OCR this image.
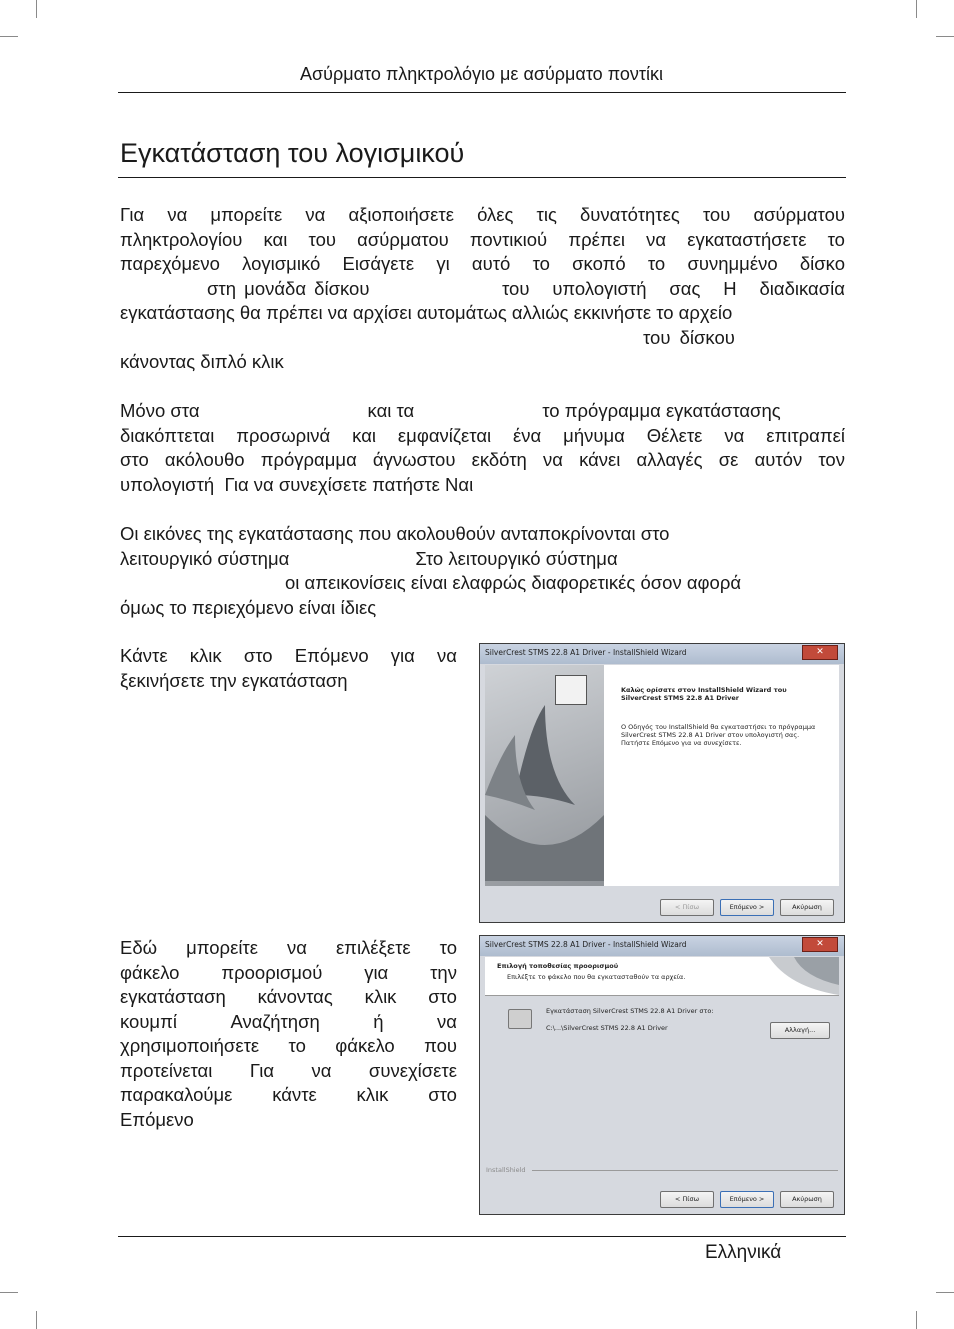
Ασύρματο πληκτρολόγιο με ασύρματο ποντίκι
Εγκατάσταση του λογισμικού
Για να μπορείτε να αξιοποιήσετε όλες τις δυνατότητες του ασύρματου
πληκτρολογίου και του ασύρματου ποντικιού πρέπει να εγκαταστήσετε το
παρεχόμενο λογισμικό Εισάγετε γι αυτό το σκοπό το συνημμένο δίσκο
στη μονάδα δίσκου	του υπολογιστή σας Η διαδικασία
εγκατάστασης θα πρέπει να αρχίσει αυτομάτως αλλιώς εκκινήστε το αρχείο
του δίσκου
κάνοντας διπλό κλικ
Μόνο στα	και τα	το πρόγραμμα εγκατάστασης
διακόπτεται προσωρινά και εμφανίζεται ένα μήνυμα Θέλετε να επιτραπεί
στο ακόλουθο πρόγραμμα άγνωστου εκδότη να κάνει αλλαγές σε αυτόν τον
υπολογιστή  Για να συνεχίσετε πατήστε Ναι
Οι εικόνες της εγκατάστασης που ακολουθούν ανταποκρίνονται στο
λειτουργικό σύστημα	Στο λειτουργικό σύστημα
οι απεικονίσεις είναι ελαφρώς διαφορετικές όσον αφορά
όμως το περιεχόμενο είναι ίδιες
Κάντε κλικ στο Επόμενο για να
ξεκινήσετε την εγκατάσταση
SilverCrest STMS 22.8 A1 Driver - InstallShield Wizard	✕
Καλώς ορίσατε στον InstallShield Wizard του SilverCrest STMS 22.8 A1 Driver
Ο Οδηγός του InstallShield θα εγκαταστήσει το πρόγραμμα SilverCrest STMS 22.8 A1 Driver στον υπολογιστή σας. Πατήστε Επόμενο για να συνεχίσετε.
< Πίσω	Επόμενο >	Ακύρωση
Εδώ μπορείτε να επιλέξετε το
φάκελο προορισμού για την
εγκατάσταση κάνοντας κλικ στο
κουμπί	Αναζήτηση	ή	να
χρησιμοποιήσετε το φάκελο που
προτείνεται Για να συνεχίσετε
παρακαλούμε κάντε κλικ στο
Επόμενο
SilverCrest STMS 22.8 A1 Driver - InstallShield Wizard	✕
Επιλογή τοποθεσίας προορισμού
Επιλέξτε το φάκελο που θα εγκατασταθούν τα αρχεία.
Εγκατάσταση SilverCrest STMS 22.8 A1 Driver στο:
C:\...\SilverCrest STMS 22.8 A1 Driver	Αλλαγή...
InstallShield
< Πίσω	Επόμενο >	Ακύρωση
Ελληνικά
